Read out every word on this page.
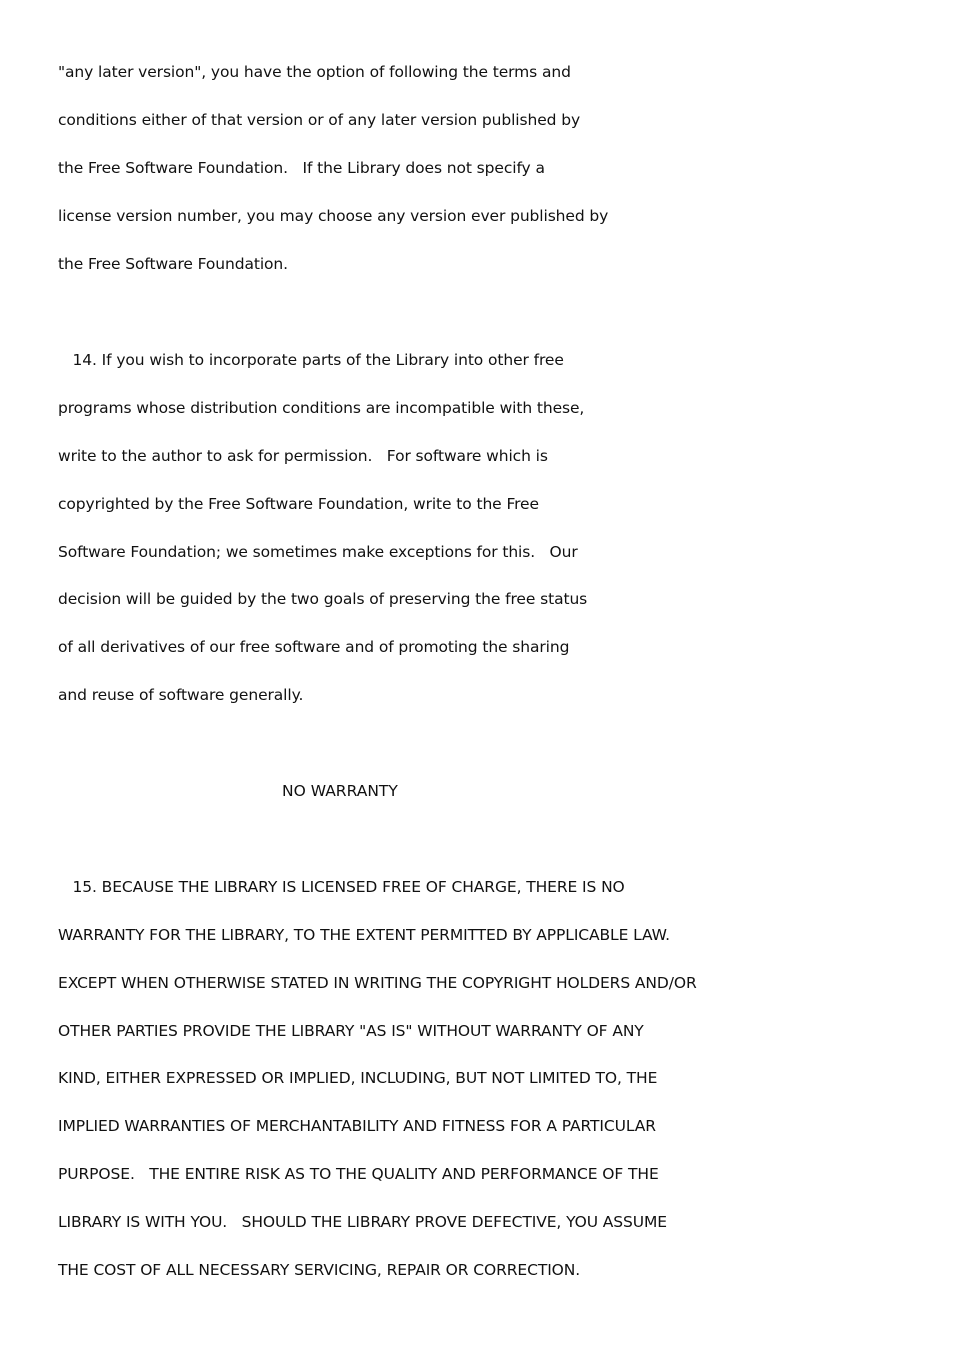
"any later version", you have the option of following the terms and
conditions either of that version or of any later version published by
the Free Software Foundation.   If the Library does not specify a
license version number, you may choose any version ever published by
the Free Software Foundation.
14. If you wish to incorporate parts of the Library into other free
programs whose distribution conditions are incompatible with these,
write to the author to ask for permission.   For software which is
copyrighted by the Free Software Foundation, write to the Free
Software Foundation; we sometimes make exceptions for this.   Our
decision will be guided by the two goals of preserving the free status
of all derivatives of our free software and of promoting the sharing
and reuse of software generally.
NO WARRANTY
15. BECAUSE THE LIBRARY IS LICENSED FREE OF CHARGE, THERE IS NO
WARRANTY FOR THE LIBRARY, TO THE EXTENT PERMITTED BY APPLICABLE LAW.
EXCEPT WHEN OTHERWISE STATED IN WRITING THE COPYRIGHT HOLDERS AND/OR
OTHER PARTIES PROVIDE THE LIBRARY "AS IS" WITHOUT WARRANTY OF ANY
KIND, EITHER EXPRESSED OR IMPLIED, INCLUDING, BUT NOT LIMITED TO, THE
IMPLIED WARRANTIES OF MERCHANTABILITY AND FITNESS FOR A PARTICULAR
PURPOSE.   THE ENTIRE RISK AS TO THE QUALITY AND PERFORMANCE OF THE
LIBRARY IS WITH YOU.   SHOULD THE LIBRARY PROVE DEFECTIVE, YOU ASSUME
THE COST OF ALL NECESSARY SERVICING, REPAIR OR CORRECTION.
